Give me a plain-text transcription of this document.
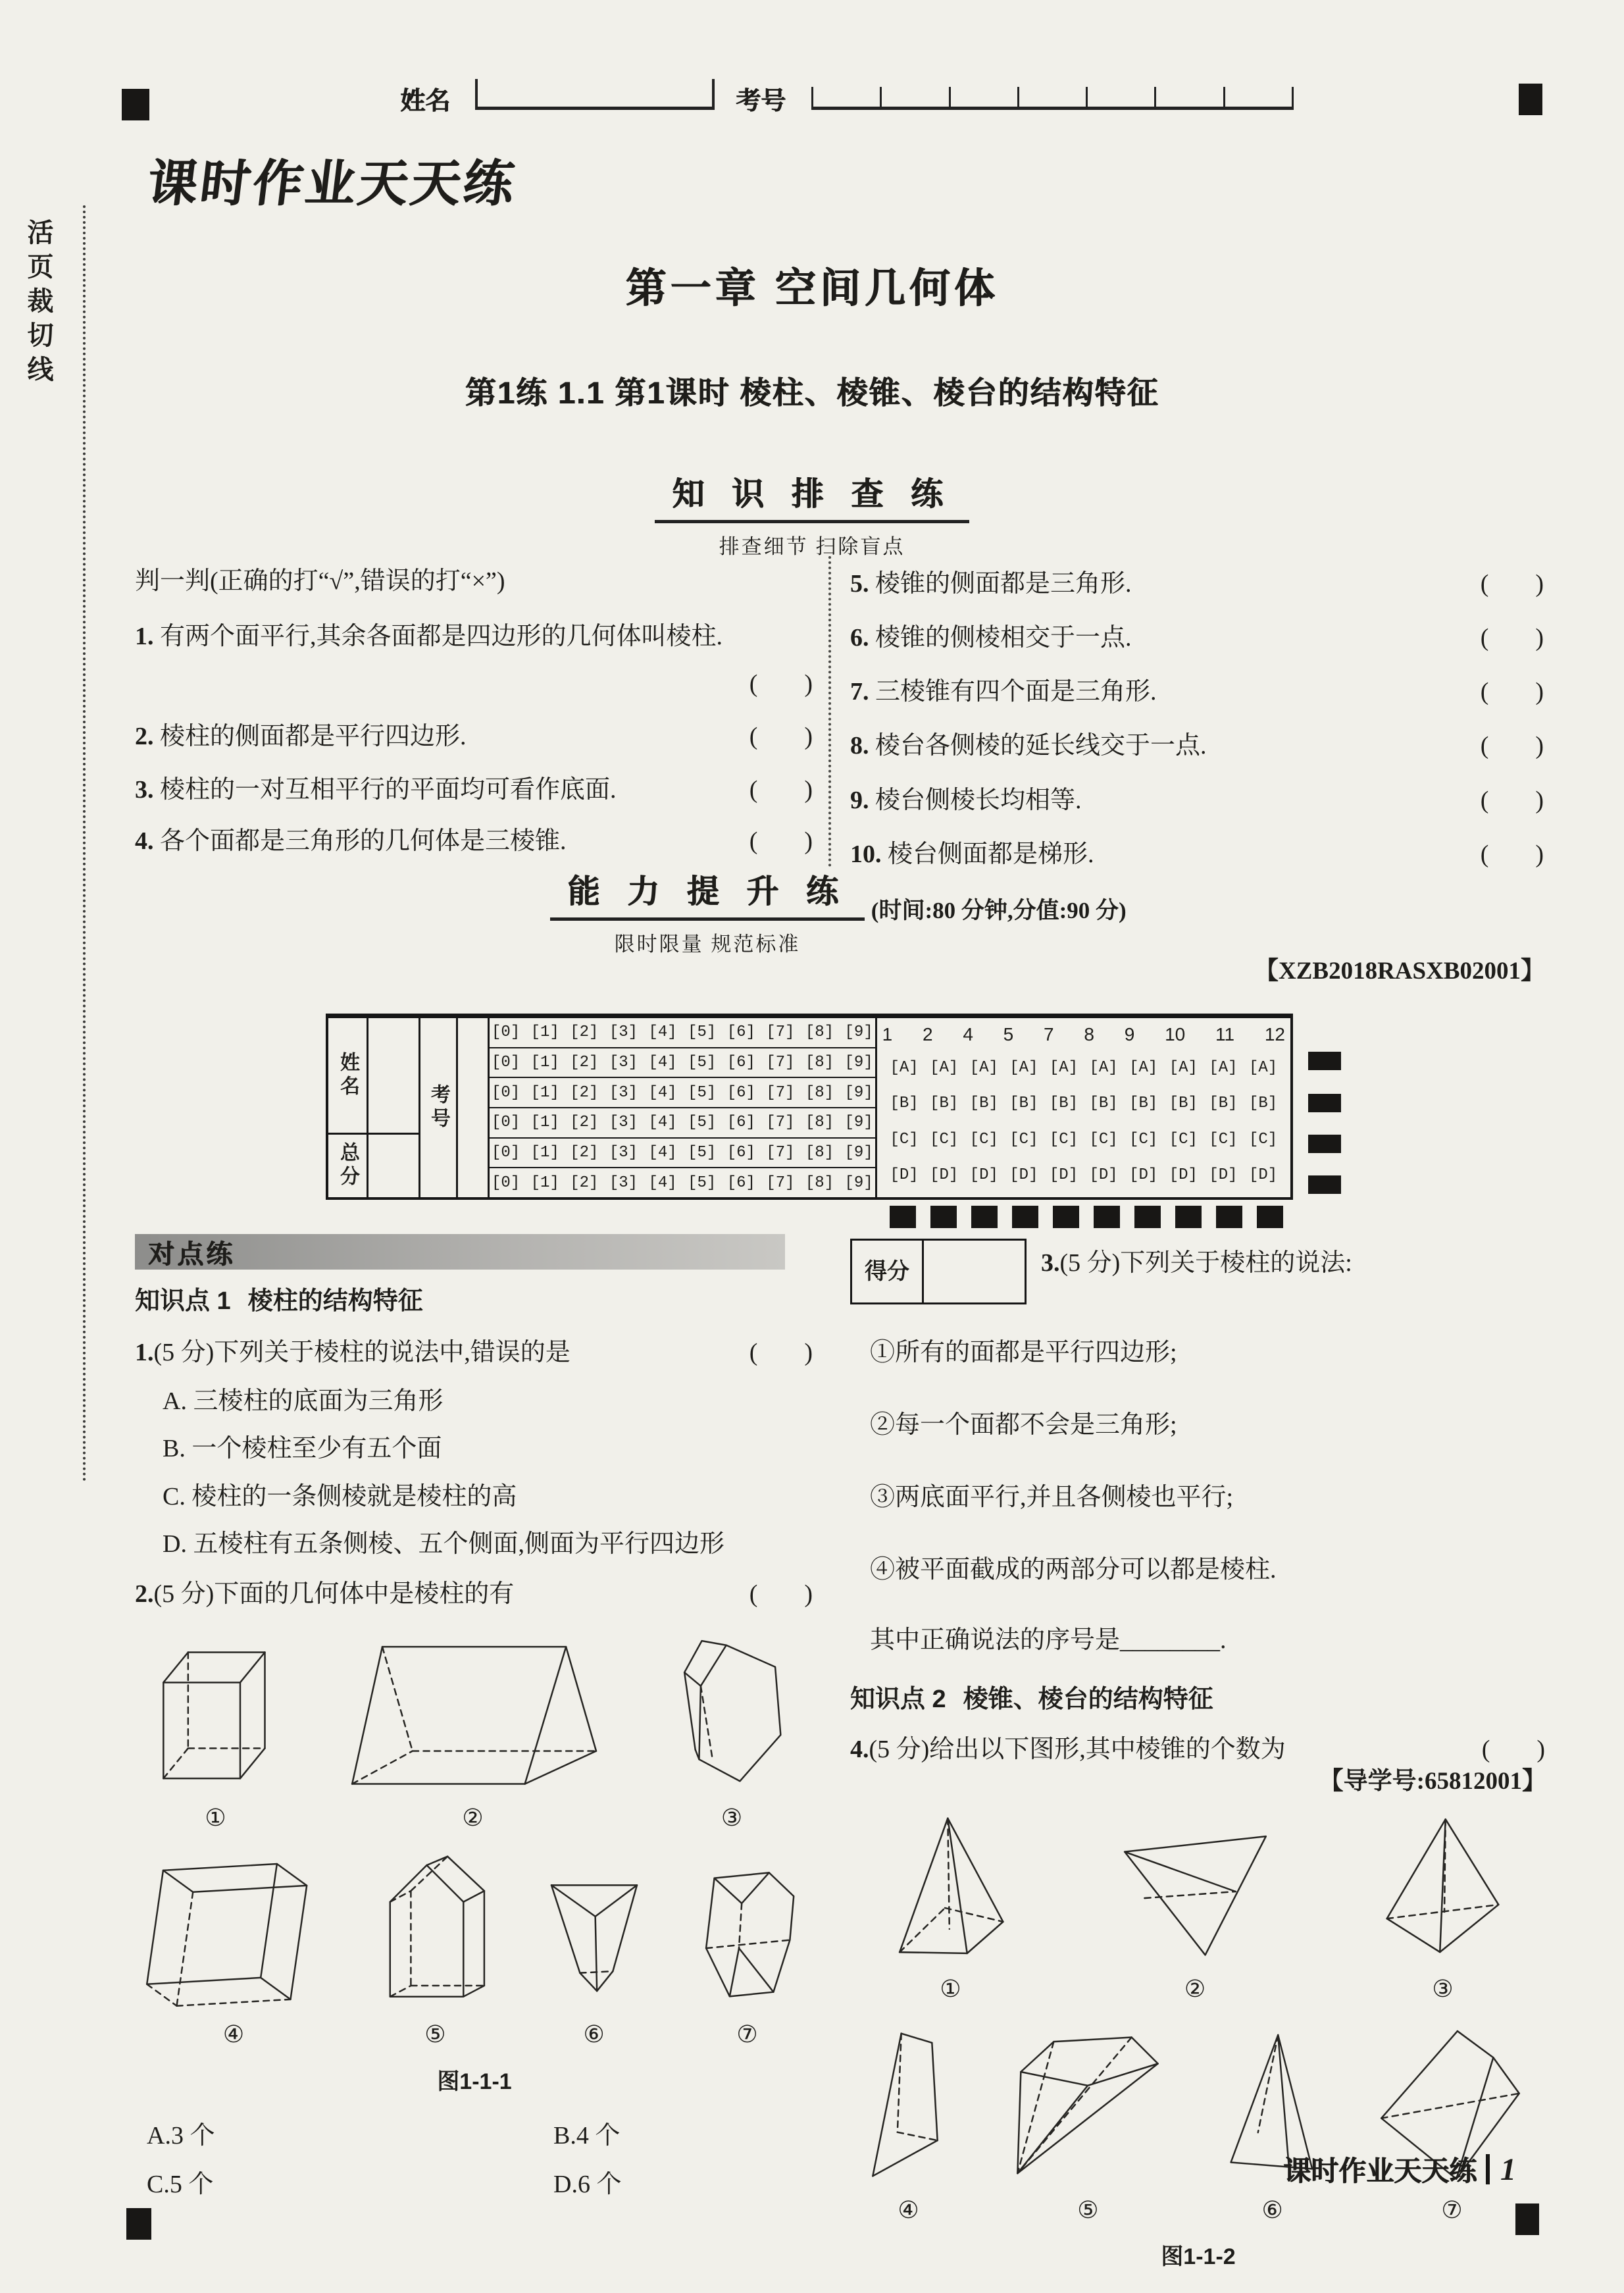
姓名	考号
课时作业天天练
活页裁切线	第一章 空间几何体
第1练 1.1 第1课时 棱柱、棱锥、棱台的结构特征
知 识 排 查 练
排查细节 扫除盲点
判一判(正确的打“√”,错误的打“×”)
1. 有两个面平行,其余各面都是四边形的几何体叫棱柱.
(      )
2. 棱柱的侧面都是平行四边形.	(      )
3. 棱柱的一对互相平行的平面均可看作底面.	(      )
4. 各个面都是三角形的几何体是三棱锥.	(      )
5. 棱锥的侧面都是三角形.	(      )
6. 棱锥的侧棱相交于一点.	(      )
7. 三棱锥有四个面是三角形.	(      )
8. 棱台各侧棱的延长线交于一点.	(      )
9. 棱台侧棱长均相等.	(      )
10. 棱台侧面都是梯形.	(      )
能 力 提 升 练
限时限量 规范标准
(时间:80 分钟,分值:90 分)
【XZB2018RASXB02001】
姓名
总分
考号
[0] [1] [2] [3] [4] [5] [6] [7] [8] [9]
[0] [1] [2] [3] [4] [5] [6] [7] [8] [9]
[0] [1] [2] [3] [4] [5] [6] [7] [8] [9]
[0] [1] [2] [3] [4] [5] [6] [7] [8] [9]
[0] [1] [2] [3] [4] [5] [6] [7] [8] [9]
[0] [1] [2] [3] [4] [5] [6] [7] [8] [9]
1 2 4 5 7 8 9 10 11 12
[A] [A] [A] [A] [A] [A] [A] [A] [A] [A]
[B] [B] [B] [B] [B] [B] [B] [B] [B] [B]
[C] [C] [C] [C] [C] [C] [C] [C] [C] [C]
[D] [D] [D] [D] [D] [D] [D] [D] [D] [D]
对点练
知识点 1 棱柱的结构特征
1.(5 分)下列关于棱柱的说法中,错误的是	(      )
A. 三棱柱的底面为三角形
B. 一个棱柱至少有五个面
C. 棱柱的一条侧棱就是棱柱的高
D. 五棱柱有五条侧棱、五个侧面,侧面为平行四边形
2.(5 分)下面的几何体中是棱柱的有	(      )
①	②	③
④	⑤	⑥	⑦
图1-1-1
A.3 个	B.4 个
C.5 个	D.6 个
得分	3.(5 分)下列关于棱柱的说法:
①所有的面都是平行四边形;
②每一个面都不会是三角形;
③两底面平行,并且各侧棱也平行;
④被平面截成的两部分可以都是棱柱.
其中正确说法的序号是________.
知识点 2 棱锥、棱台的结构特征
4.(5 分)给出以下图形,其中棱锥的个数为	(      )
【导学号:65812001】
①	②	③
④	⑤	⑥	⑦
图1-1-2
课时作业天天练 1
